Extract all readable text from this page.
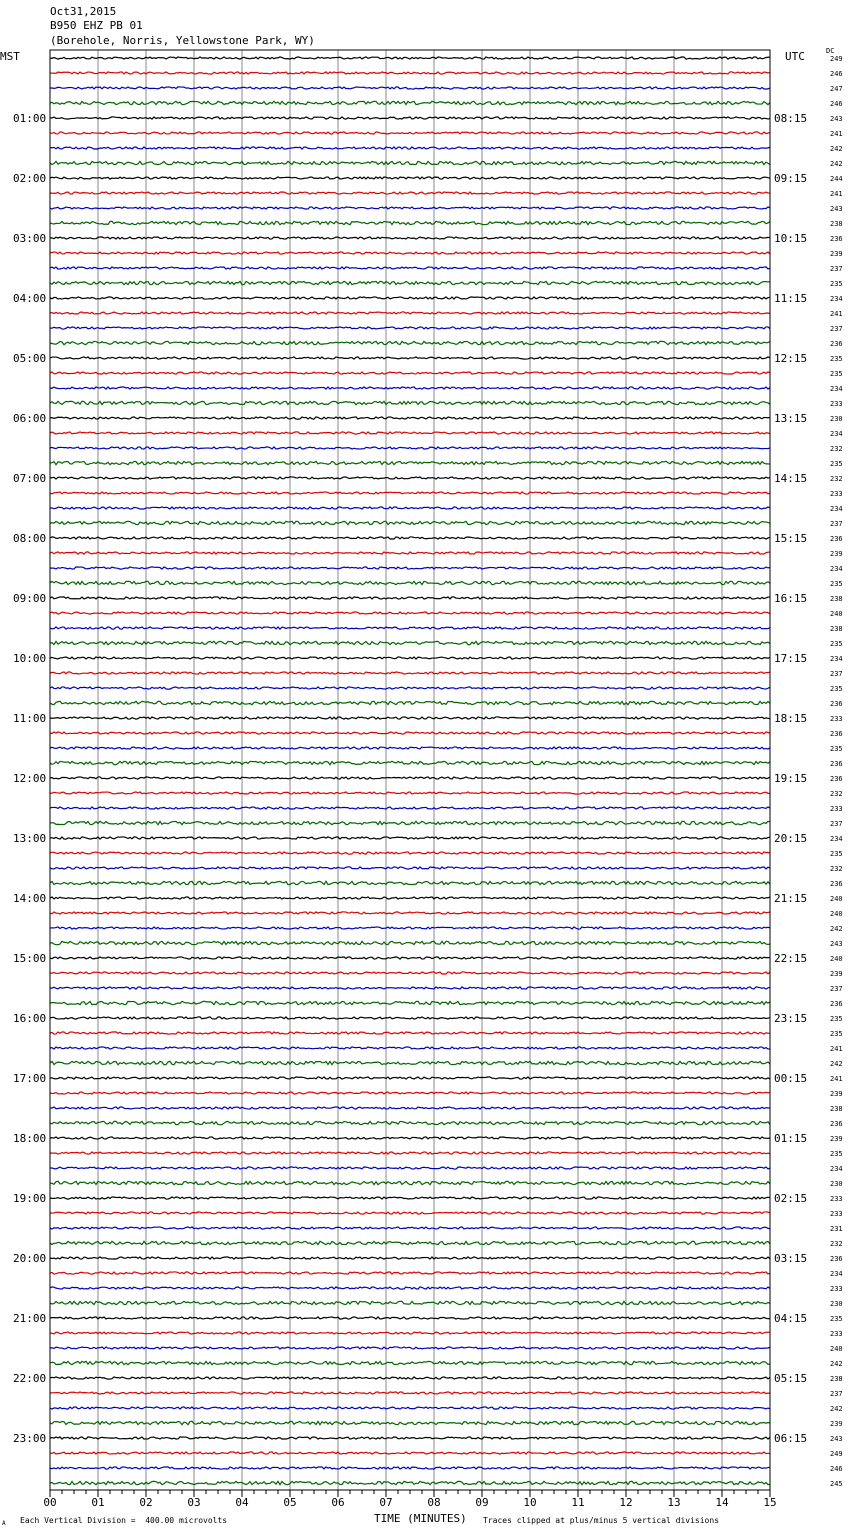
Oct31,2015
B950 EHZ PB 01
(Borehole, Norris, Yellowstone Park, WY)
MST	UTC	DC
249
246
247
246
243
241
242
242
244
241
243
238
236
239
237
235
234
241
237
236
235
235
234
233
230
234
232
235
232
233
234
237
236
239
234
235
238
240
238
235
234
237
235
236
233
236
235
236
236
232
233
237
234
235
232
236
240
240
242
243
240
239
237
236
235
235
241
242
241
239
238
236
239
235
234
230
233
233
231
232
236
234
233
230
235
233
240
242
238
237
242
239
243
249
246
245
01:00	08:15
02:00	09:15
03:00	10:15
04:00	11:15
05:00	12:15
06:00	13:15
07:00	14:15
08:00	15:15
09:00	16:15
10:00	17:15
11:00	18:15
12:00	19:15
13:00	20:15
14:00	21:15
15:00	22:15
16:00	23:15
17:00	00:15
18:00	01:15
19:00	02:15
20:00	03:15
21:00	04:15
22:00	05:15
23:00	06:15
00	01	02	03	04	05	06	07	08	09	10	11	12	13	14	15
TIME (MINUTES)
A Each Vertical Division =  400.00 microvolts	Traces clipped at plus/minus 5 vertical divisions
